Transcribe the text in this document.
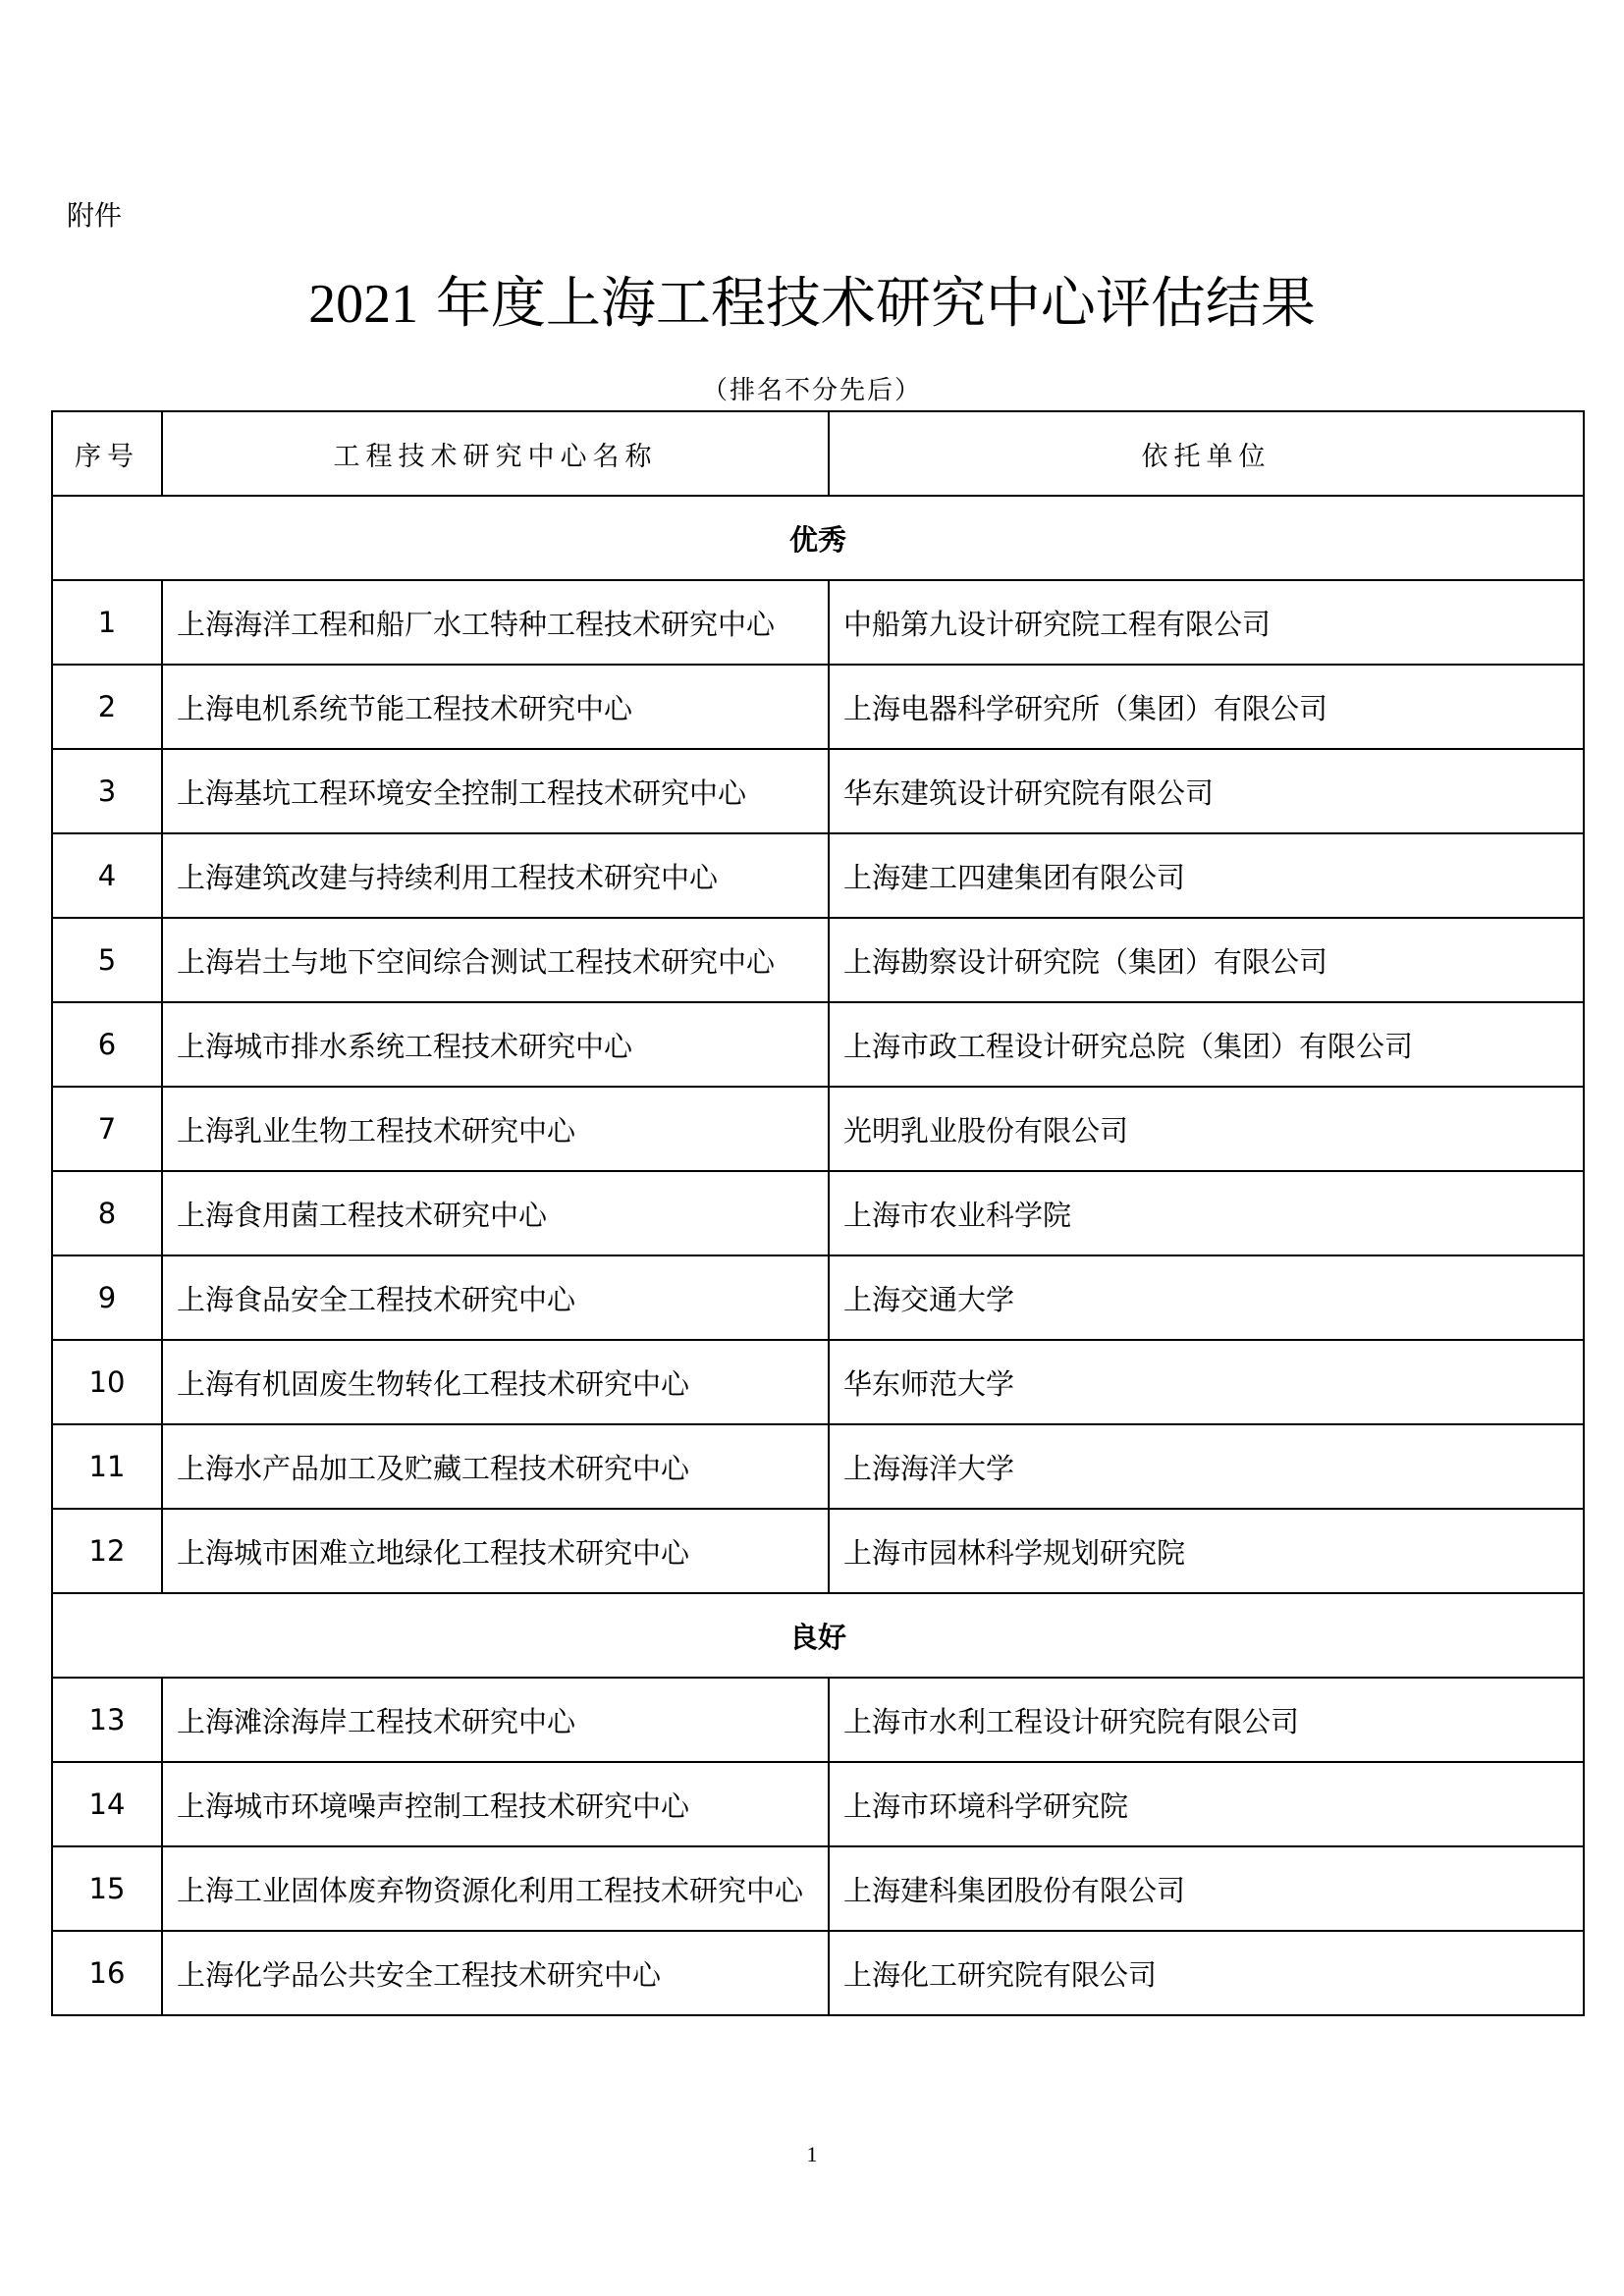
附件
2021 年度上海工程技术研究中心评估结果
（排名不分先后）
序号	工程技术研究中心名称	依托单位
优秀		
1	上海海洋工程和船厂水工特种工程技术研究中心	中船第九设计研究院工程有限公司
2	上海电机系统节能工程技术研究中心	上海电器科学研究所（集团）有限公司
3	上海基坑工程环境安全控制工程技术研究中心	华东建筑设计研究院有限公司
4	上海建筑改建与持续利用工程技术研究中心	上海建工四建集团有限公司
5	上海岩土与地下空间综合测试工程技术研究中心	上海勘察设计研究院（集团）有限公司
6	上海城市排水系统工程技术研究中心	上海市政工程设计研究总院（集团）有限公司
7	上海乳业生物工程技术研究中心	光明乳业股份有限公司
8	上海食用菌工程技术研究中心	上海市农业科学院
9	上海食品安全工程技术研究中心	上海交通大学
10	上海有机固废生物转化工程技术研究中心	华东师范大学
11	上海水产品加工及贮藏工程技术研究中心	上海海洋大学
12	上海城市困难立地绿化工程技术研究中心	上海市园林科学规划研究院
良好		
13	上海滩涂海岸工程技术研究中心	上海市水利工程设计研究院有限公司
14	上海城市环境噪声控制工程技术研究中心	上海市环境科学研究院
15	上海工业固体废弃物资源化利用工程技术研究中心	上海建科集团股份有限公司
16	上海化学品公共安全工程技术研究中心	上海化工研究院有限公司
1
